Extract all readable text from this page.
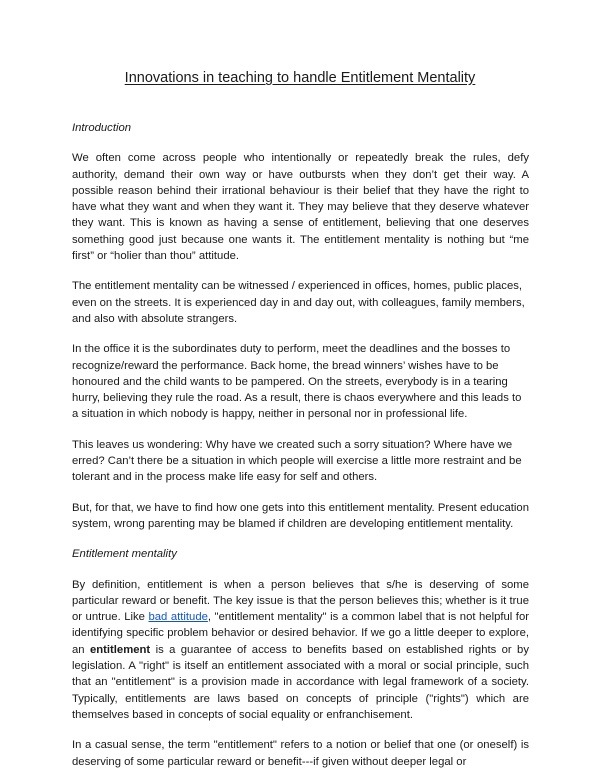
Innovations in teaching to handle Entitlement Mentality
Introduction

We often come across people who intentionally or repeatedly break the rules, defy authority, demand their own way or have outbursts when they don’t get their way. A possible reason behind their irrational behaviour is their belief that they have the right to have what they want and when they want it. They may believe that they deserve whatever they want. This is known as having a sense of entitlement, believing that one deserves something good just because one wants it. The entitlement mentality is nothing but “me first” or “holier than thou” attitude.

The entitlement mentality can be witnessed / experienced in offices, homes, public places, even on the streets. It is experienced day in and day out, with colleagues, family members, and also with absolute strangers.

In the office it is the subordinates duty to perform, meet the deadlines and the bosses to recognize/reward the performance. Back home, the bread winners’ wishes have to be honoured and the child wants to be pampered. On the streets, everybody is in a tearing hurry, believing they rule the road. As a result, there is chaos everywhere and this leads to a situation in which nobody is happy, neither in personal nor in professional life.

This leaves us wondering: Why have we created such a sorry situation? Where have we erred? Can’t there be a situation in which people will exercise a little more restraint and be tolerant and in the process make life easy for self and others.

But, for that, we have to find how one gets into this entitlement mentality. Present education system, wrong parenting may be blamed if children are developing entitlement mentality.

Entitlement mentality

By definition, entitlement is when a person believes that s/he is deserving of some particular reward or benefit. The key issue is that the person believes this; whether is it true or untrue. Like bad attitude, "entitlement mentality" is a common label that is not helpful for identifying specific problem behavior or desired behavior. If we go a little deeper to explore, an entitlement is a guarantee of access to benefits based on established rights or by legislation. A "right" is itself an entitlement associated with a moral or social principle, such that an "entitlement" is a provision made in accordance with legal framework of a society. Typically, entitlements are laws based on concepts of principle ("rights") which are themselves based in concepts of social equality or enfranchisement.

In a casual sense, the term "entitlement" refers to a notion or belief that one (or oneself) is deserving of some particular reward or benefit---if given without deeper legal or
